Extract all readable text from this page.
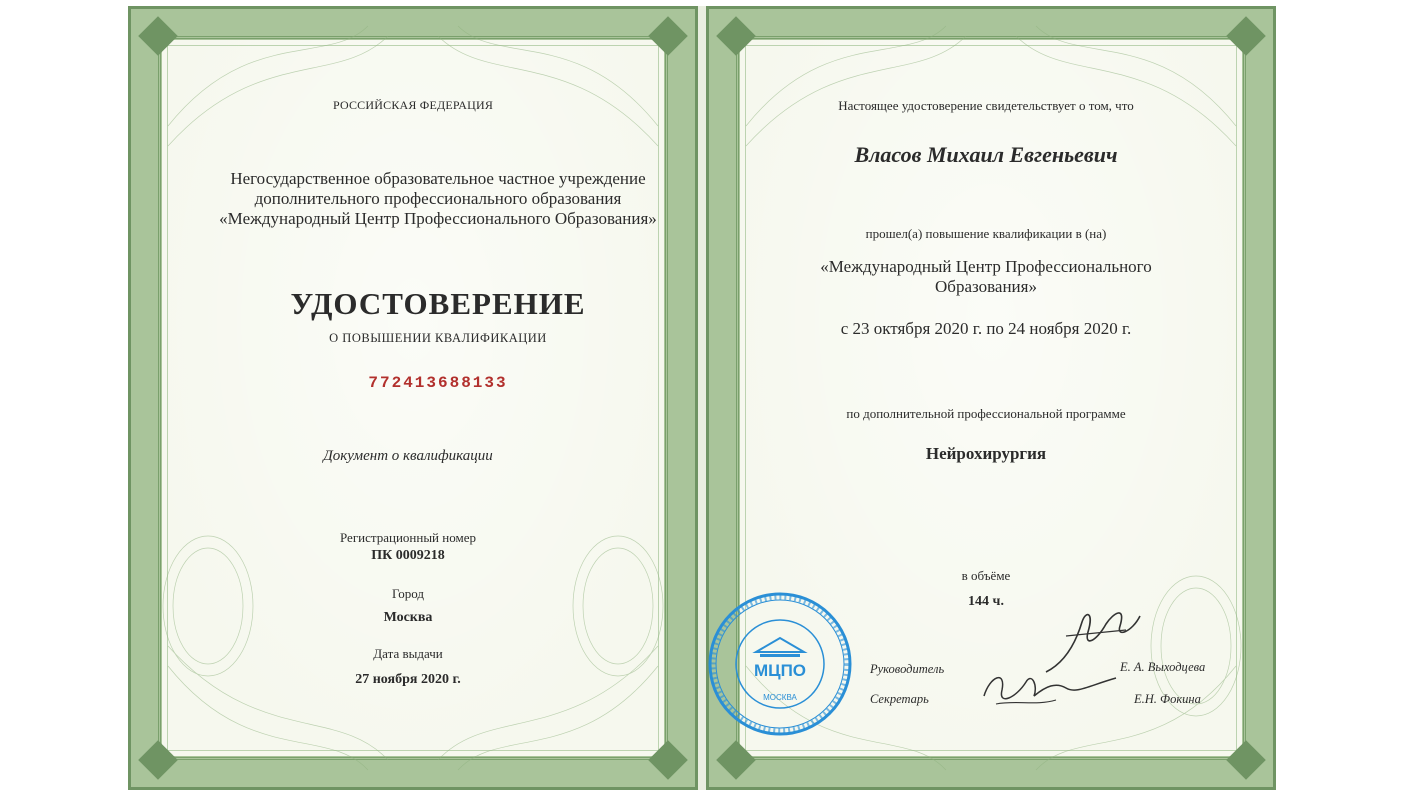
РОССИЙСКАЯ ФЕДЕРАЦИЯ
Негосударственное образовательное частное учреждение
дополнительного профессионального образования
«Международный Центр Профессионального Образования»
УДОСТОВЕРЕНИЕ
О ПОВЫШЕНИИ КВАЛИФИКАЦИИ
772413688133
Документ о квалификации
Регистрационный номер
ПК 0009218
Город
Москва
Дата выдачи
27 ноября 2020 г.
Настоящее удостоверение свидетельствует о том, что
Власов Михаил Евгеньевич
прошел(а) повышение квалификации в (на)
«Международный Центр Профессионального
Образования»
с 23 октября 2020 г. по 24 ноября 2020 г.
по дополнительной профессиональной программе
Нейрохирургия
в объёме
144 ч.
Руководитель	Е. А. Выходцева
Секретарь	Е.Н. Фокина
МЦПО
МОСКВА
